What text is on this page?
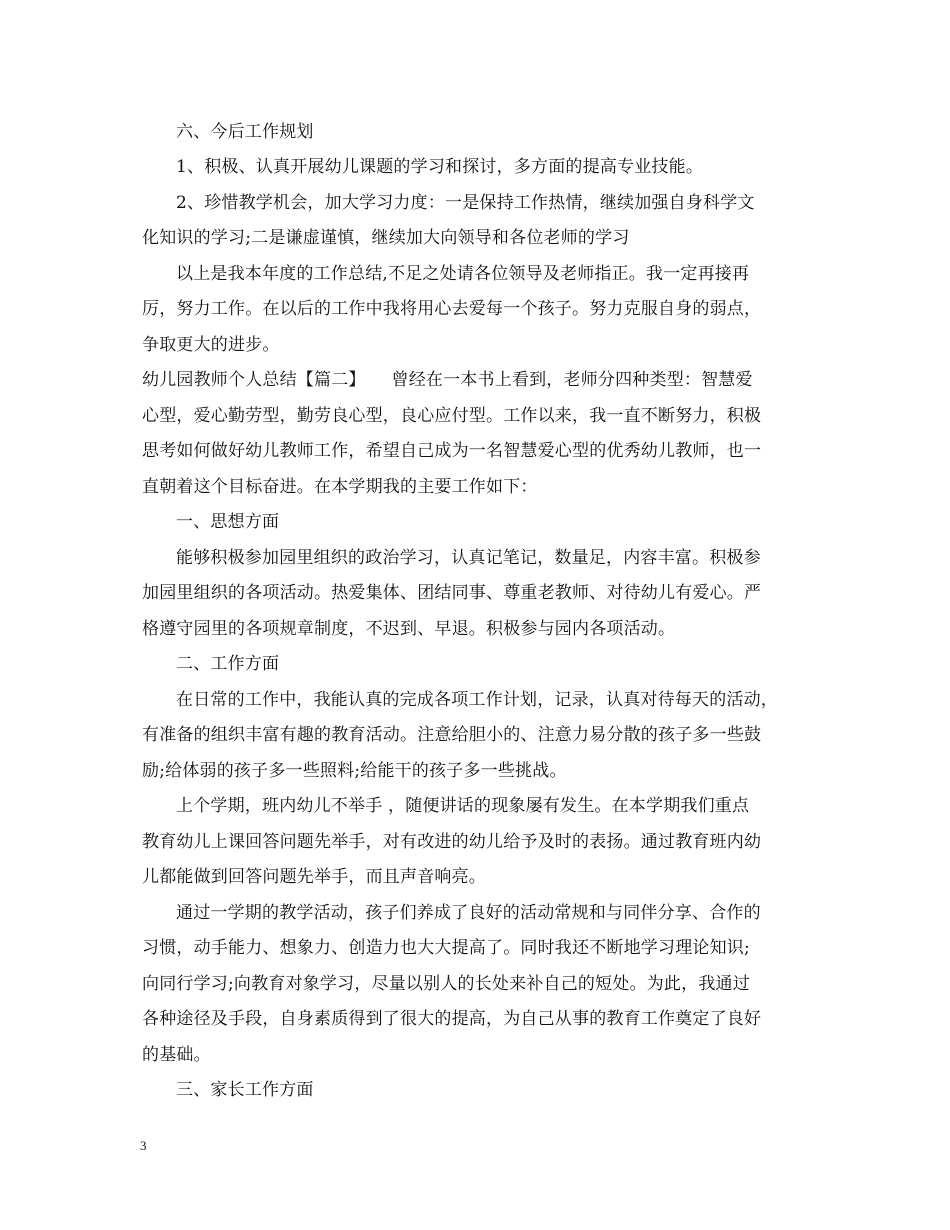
六、今后工作规划
1、积极、认真开展幼儿课题的学习和探讨，多方面的提高专业技能。
2、珍惜教学机会，加大学习力度：一是保持工作热情，继续加强自身科学文
化知识的学习;二是谦虚谨慎，继续加大向领导和各位老师的学习
以上是我本年度的工作总结,不足之处请各位领导及老师指正。我一定再接再
厉，努力工作。在以后的工作中我将用心去爱每一个孩子。努力克服自身的弱点，
争取更大的进步。
幼儿园教师个人总结【篇二】　　曾经在一本书上看到，老师分四种类型：智慧爱
心型，爱心勤劳型，勤劳良心型，良心应付型。工作以来，我一直不断努力，积极
思考如何做好幼儿教师工作，希望自己成为一名智慧爱心型的优秀幼儿教师，也一
直朝着这个目标奋进。在本学期我的主要工作如下：
一、思想方面
能够积极参加园里组织的政治学习，认真记笔记，数量足，内容丰富。积极参
加园里组织的各项活动。热爱集体、团结同事、尊重老教师、对待幼儿有爱心。严
格遵守园里的各项规章制度，不迟到、早退。积极参与园内各项活动。
二、工作方面
在日常的工作中，我能认真的完成各项工作计划，记录，认真对待每天的活动，
有准备的组织丰富有趣的教育活动。注意给胆小的、注意力易分散的孩子多一些鼓
励;给体弱的孩子多一些照料;给能干的孩子多一些挑战。
上个学期，班内幼儿不举手 ，随便讲话的现象屡有发生。在本学期我们重点
教育幼儿上课回答问题先举手，对有改进的幼儿给予及时的表扬。通过教育班内幼
儿都能做到回答问题先举手，而且声音响亮。
通过一学期的教学活动，孩子们养成了良好的活动常规和与同伴分享、合作的
习惯，动手能力、想象力、创造力也大大提高了。同时我还不断地学习理论知识;
向同行学习;向教育对象学习，尽量以别人的长处来补自己的短处。为此，我通过
各种途径及手段，自身素质得到了很大的提高，为自己从事的教育工作奠定了良好
的基础。
三、家长工作方面
3
